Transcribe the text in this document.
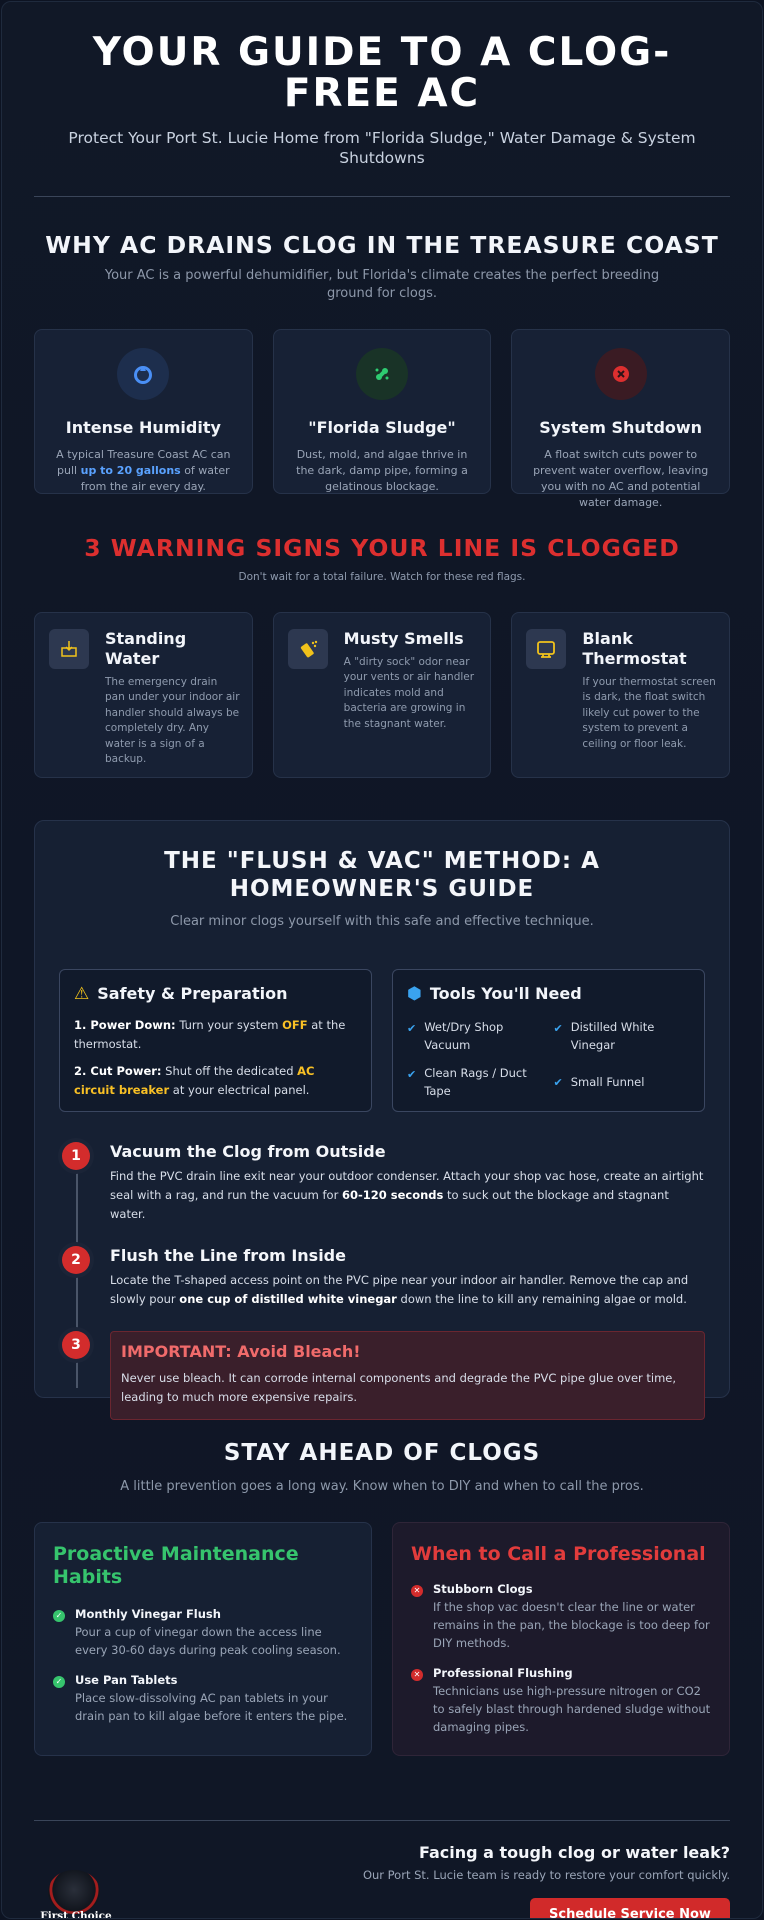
YOUR GUIDE TO A CLOG-FREE AC

Protect Your Port St. Lucie Home from "Florida Sludge," Water Damage & System Shutdowns

WHY AC DRAINS CLOG IN THE TREASURE COAST

Your AC is a powerful dehumidifier, but Florida's climate creates the perfect breeding ground for clogs.

Intense Humidity

A typical Treasure Coast AC can pull up to 20 gallons of water from the air every day.

"Florida Sludge"

Dust, mold, and algae thrive in the dark, damp pipe, forming a gelatinous blockage.

System Shutdown

A float switch cuts power to prevent water overflow, leaving you with no AC and potential water damage.

3 WARNING SIGNS YOUR LINE IS CLOGGED

Don't wait for a total failure. Watch for these red flags.

Standing Water

The emergency drain pan under your indoor air handler should always be completely dry. Any water is a sign of a backup.

Musty Smells

A "dirty sock" odor near your vents or air handler indicates mold and bacteria are growing in the stagnant water.

Blank Thermostat

If your thermostat screen is dark, the float switch likely cut power to the system to prevent a ceiling or floor leak.

THE "FLUSH & VAC" METHOD: A HOMEOWNER'S GUIDE

Clear minor clogs yourself with this safe and effective technique.

⚠ Safety & Preparation

1. Power Down: Turn your system OFF at the thermostat.

2. Cut Power: Shut off the dedicated AC circuit breaker at your electrical panel.

⬢ Tools You'll Need
✔ Wet/Dry Shop Vacuum
✔ Distilled White Vinegar
✔ Clean Rags / Duct Tape
✔ Small Funnel
1	Vacuum the Clog from Outside

Find the PVC drain line exit near your outdoor condenser. Attach your shop vac hose, create an airtight seal with a rag, and run the vacuum for 60-120 seconds to suck out the blockage and stagnant water.

2	Flush the Line from Inside

Locate the T-shaped access point on the PVC pipe near your indoor air handler. Remove the cap and slowly pour one cup of distilled white vinegar down the line to kill any remaining algae or mold.

3	IMPORTANT: Avoid Bleach!

Never use bleach. It can corrode internal components and degrade the PVC pipe glue over time, leading to much more expensive repairs.

STAY AHEAD OF CLOGS

A little prevention goes a long way. Know when to DIY and when to call the pros.

Proactive Maintenance Habits
✓ Monthly Vinegar Flush

Pour a cup of vinegar down the access line every 30-60 days during peak cooling season.

✓ Use Pan Tablets

Place slow-dissolving AC pan tablets in your drain pan to kill algae before it enters the pipe.

When to Call a Professional
✕ Stubborn Clogs

If the shop vac doesn't clear the line or water remains in the pan, the blockage is too deep for DIY methods.

✕ Professional Flushing

Technicians use high-pressure nitrogen or CO2 to safely blast through hardened sludge without damaging pipes.

First Choice
Facing a tough clog or water leak?

Our Port St. Lucie team is ready to restore your comfort quickly.

Schedule Service Now
